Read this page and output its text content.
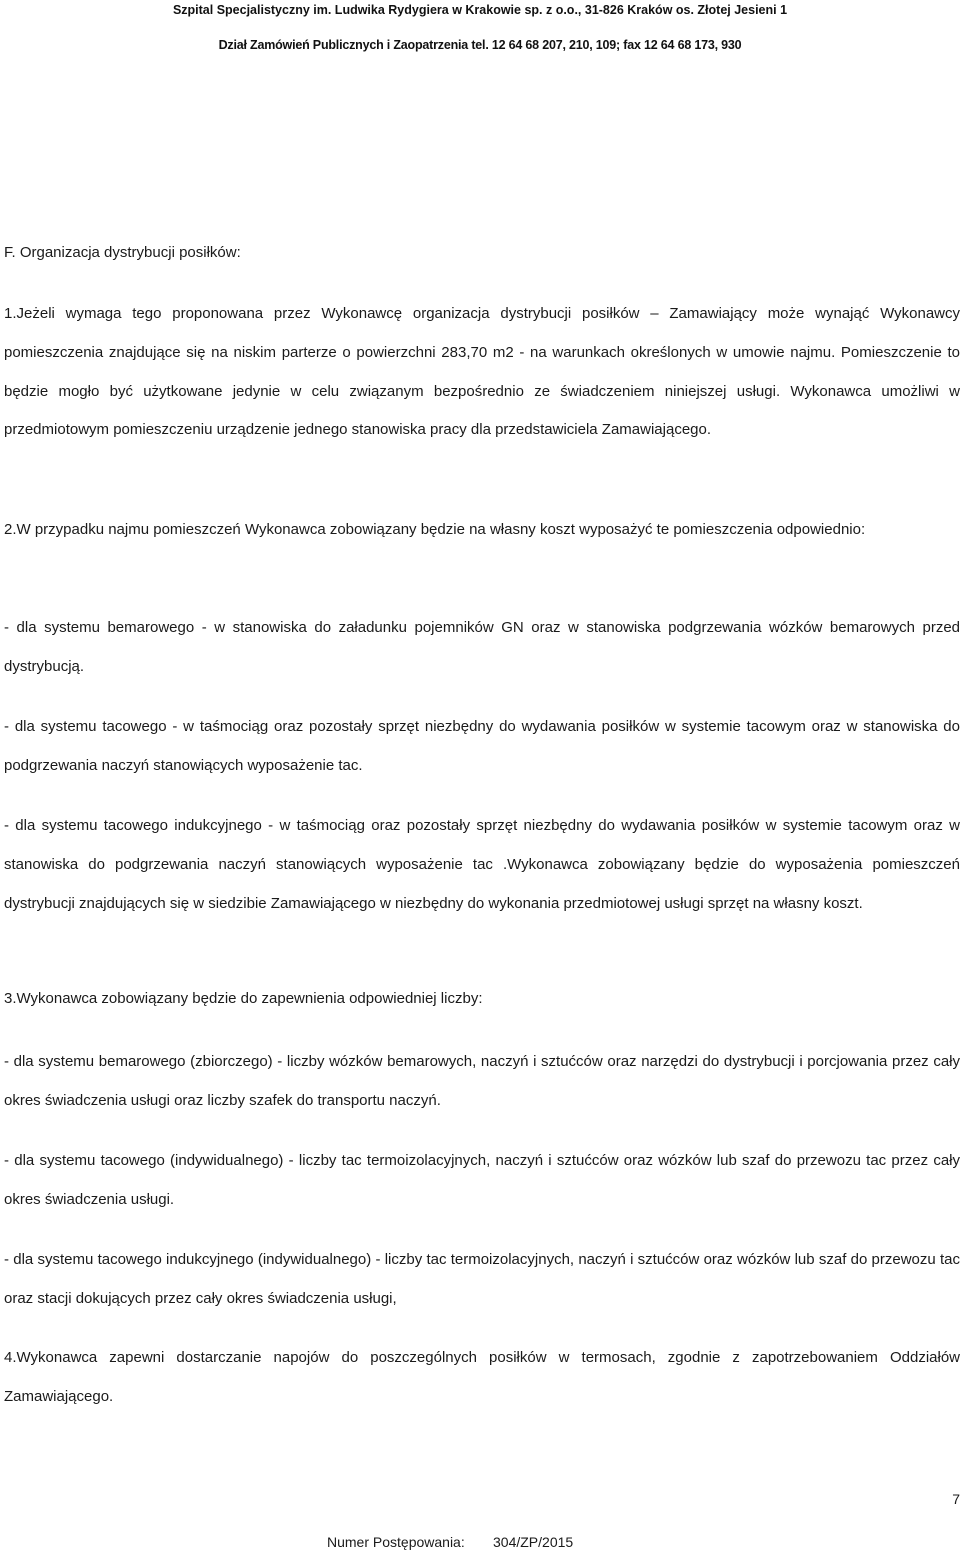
Szpital Specjalistyczny im. Ludwika Rydygiera w Krakowie sp. z o.o., 31-826 Kraków os. Złotej Jesieni 1
Dział Zamówień Publicznych i Zaopatrzenia tel. 12 64 68 207, 210, 109; fax 12 64 68 173, 930
F. Organizacja dystrybucji posiłków:

1.Jeżeli wymaga tego proponowana przez Wykonawcę organizacja dystrybucji posiłków – Zamawiający może wynająć Wykonawcy pomieszczenia znajdujące się na niskim parterze o powierzchni 283,70 m2 - na warunkach określonych w umowie najmu. Pomieszczenie to będzie mogło być użytkowane jedynie w celu związanym bezpośrednio ze świadczeniem niniejszej usługi. Wykonawca umożliwi w przedmiotowym pomieszczeniu urządzenie jednego stanowiska pracy dla przedstawiciela Zamawiającego.

2.W przypadku najmu pomieszczeń Wykonawca zobowiązany będzie na własny koszt wyposażyć te pomieszczenia odpowiednio:

- dla systemu bemarowego - w stanowiska do załadunku pojemników GN oraz w stanowiska podgrzewania wózków bemarowych przed dystrybucją.

- dla systemu tacowego - w taśmociąg oraz pozostały sprzęt niezbędny do wydawania posiłków w systemie tacowym oraz w stanowiska do podgrzewania naczyń stanowiących wyposażenie tac.

- dla systemu tacowego indukcyjnego - w taśmociąg oraz pozostały sprzęt niezbędny do wydawania posiłków w systemie tacowym oraz w stanowiska do podgrzewania naczyń stanowiących wyposażenie tac .Wykonawca zobowiązany będzie do wyposażenia pomieszczeń dystrybucji znajdujących się w siedzibie Zamawiającego w niezbędny do wykonania przedmiotowej usługi sprzęt na własny koszt.

3.Wykonawca zobowiązany będzie do zapewnienia odpowiedniej liczby:

- dla systemu bemarowego (zbiorczego) - liczby wózków bemarowych, naczyń i sztućców oraz narzędzi do dystrybucji i porcjowania przez cały okres świadczenia usługi oraz liczby szafek do transportu naczyń.

- dla systemu tacowego (indywidualnego) - liczby tac termoizolacyjnych, naczyń i sztućców oraz wózków lub szaf do przewozu tac przez cały okres świadczenia usługi.

- dla systemu tacowego indukcyjnego (indywidualnego) - liczby tac termoizolacyjnych, naczyń i sztućców oraz wózków lub szaf do przewozu tac oraz stacji dokujących przez cały okres świadczenia usługi,

4.Wykonawca zapewni dostarczanie napojów do poszczególnych posiłków w termosach, zgodnie z zapotrzebowaniem Oddziałów Zamawiającego.

7
Numer Postępowania: 304/ZP/2015
